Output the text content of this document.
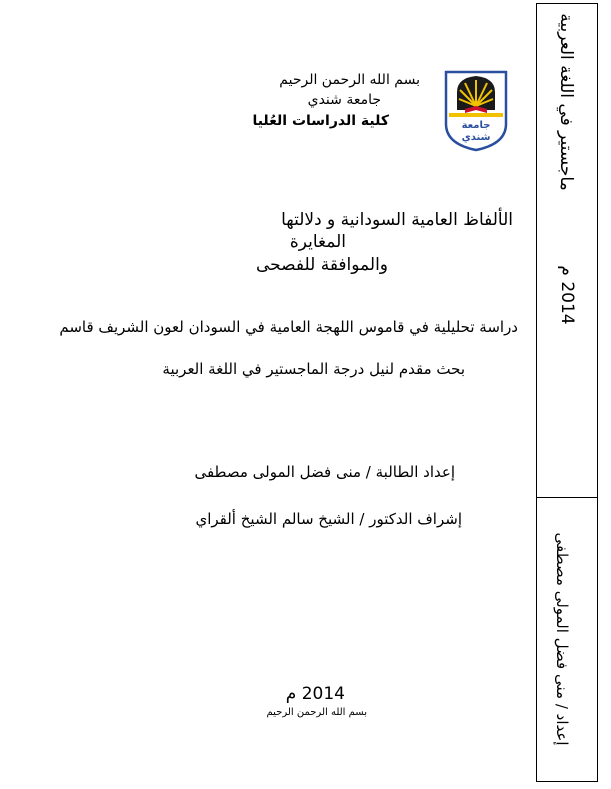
ماجستير في اللغة العربية
2014 م
إعداد / منى فضل المولى مصطفى
جامعة
شندي
بسم الله الرحمن الرحيم
جامعة شندي
كلية الدراسات العُليا
الألفاظ العامية السودانية و دلالتها
المغايرة
والموافقة للفصحى
دراسة تحليلية في قاموس اللهجة العامية في السودان لعون الشريف قاسم
بحث مقدم لنيل درجة الماجستير في اللغة العربية
إعداد الطالبة / منى فضل المولى مصطفى
إشراف الدكتور / الشيخ سالم الشيخ ألقراي
2014 م
بسم الله الرحمن الرحيم
